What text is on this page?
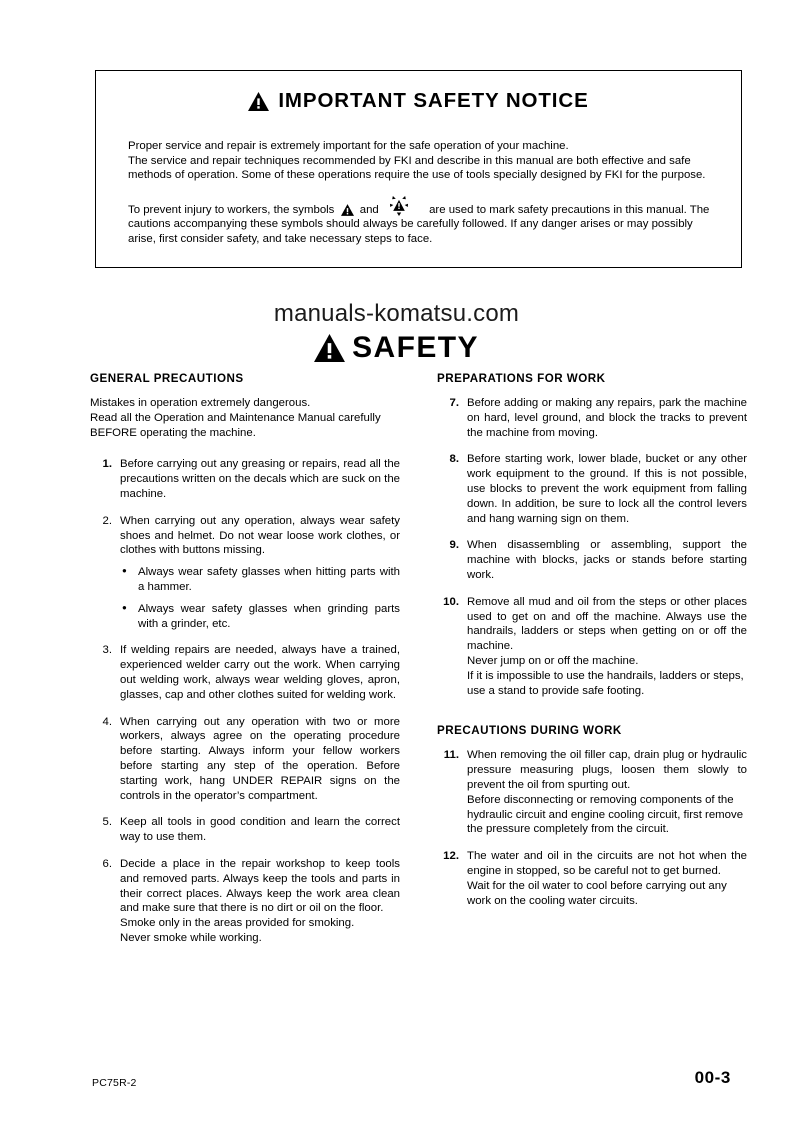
IMPORTANT SAFETY NOTICE

Proper service and repair is extremely important for the safe operation of your machine.

The service and repair techniques recommended by FKI and describe in this manual are both effective and safe methods of operation. Some of these operations require the use of tools specially designed by FKI for the purpose.

To prevent injury to workers, the symbols and	are used to mark safety precautions in this manual. The cautions accompanying these symbols should always be carefully followed. If any danger arises or may possibly arise, first consider safety, and take necessary steps to face.

manuals-komatsu.com
SAFETY
GENERAL PRECAUTIONS

Mistakes in operation extremely dangerous.
Read all the Operation and Maintenance Manual carefully BEFORE operating the machine.

1. Before carrying out any greasing or repairs, read all the precautions written on the decals which are suck on the machine.
2. When carrying out any operation, always wear safety shoes and helmet. Do not wear loose work clothes, or clothes with buttons missing.
● Always wear safety glasses when hitting parts with a hammer.
● Always wear safety glasses when grinding parts with a grinder, etc.
3. If welding repairs are needed, always have a trained, experienced welder carry out the work. When carrying out welding work, always wear welding gloves, apron, glasses, cap and other clothes suited for welding work.
4. When carrying out any operation with two or more workers, always agree on the operating procedure before starting. Always inform your fellow workers before starting any step of the operation. Before starting work, hang UNDER REPAIR signs on the controls in the operator’s compartment.
5. Keep all tools in good condition and learn the correct way to use them.
6. Decide a place in the repair workshop to keep tools and removed parts. Always keep the tools and parts in their correct places. Always keep the work area clean and make sure that there is no dirt or oil on the floor.
Smoke only in the areas provided for smoking.
Never smoke while working.
PREPARATIONS FOR WORK
7. Before adding or making any repairs, park the machine on hard, level ground, and block the tracks to prevent the machine from moving.
8. Before starting work, lower blade, bucket or any other work equipment to the ground. If this is not possible, use blocks to prevent the work equipment from falling down. In addition, be sure to lock all the control levers and hang warning sign on them.
9. When disassembling or assembling, support the machine with blocks, jacks or stands before starting work.
10. Remove all mud and oil from the steps or other places used to get on and off the machine. Always use the handrails, ladders or steps when getting on or off the machine.
Never jump on or off the machine.
If it is impossible to use the handrails, ladders or steps, use a stand to provide safe footing.
PRECAUTIONS DURING WORK
11. When removing the oil filler cap, drain plug or hydraulic pressure measuring plugs, loosen them slowly to prevent the oil from spurting out.
Before disconnecting or removing components of the hydraulic circuit and engine cooling circuit, first remove the pressure completely from the circuit.
12. The water and oil in the circuits are not hot when the engine in stopped, so be careful not to get burned.
Wait for the oil water to cool before carrying out any work on the cooling water circuits.
PC75R-2	00-3
